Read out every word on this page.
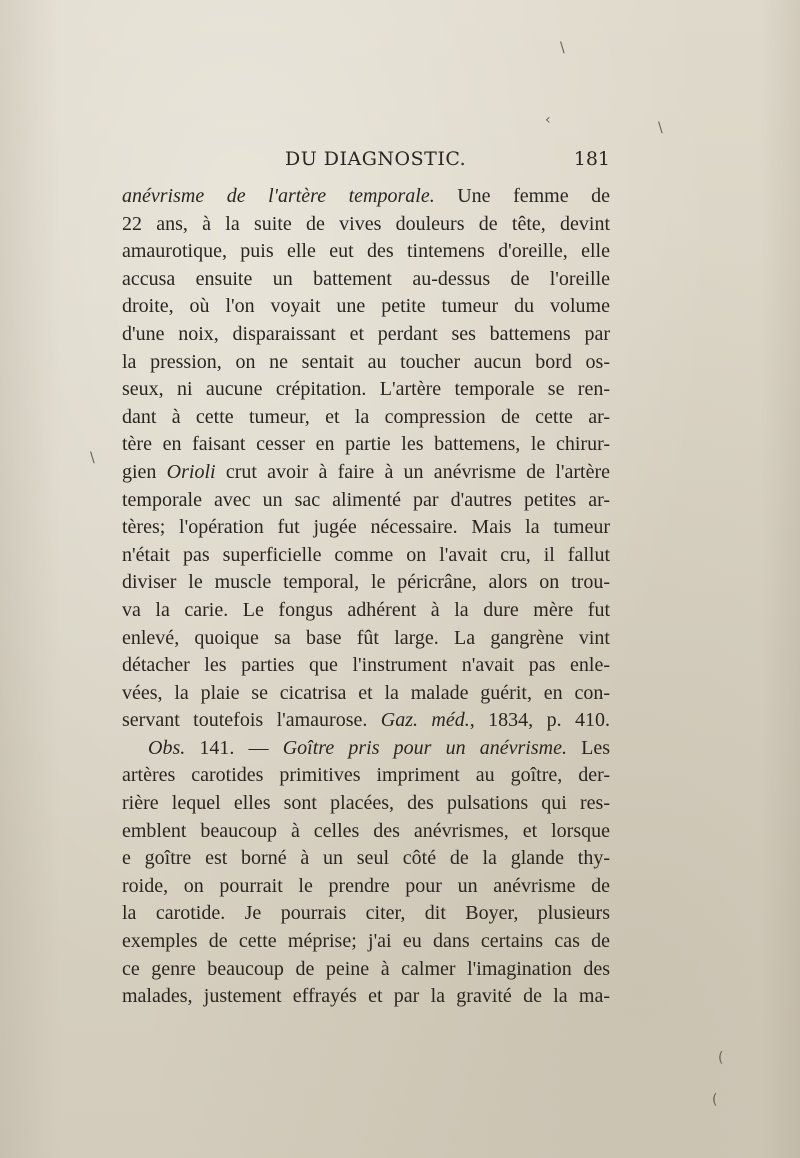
DU DIAGNOSTIC.	181
anévrisme de l'artère temporale. Une femme de
22 ans, à la suite de vives douleurs de tête, devint
amaurotique, puis elle eut des tintemens d'oreille, elle
accusa ensuite un battement au-dessus de l'oreille
droite, où l'on voyait une petite tumeur du volume
d'une noix, disparaissant et perdant ses battemens par
la pression, on ne sentait au toucher aucun bord os-
seux, ni aucune crépitation. L'artère temporale se ren-
dant à cette tumeur, et la compression de cette ar-
tère en faisant cesser en partie les battemens, le chirur-
gien Orioli crut avoir à faire à un anévrisme de l'artère
temporale avec un sac alimenté par d'autres petites ar-
tères; l'opération fut jugée nécessaire. Mais la tumeur
n'était pas superficielle comme on l'avait cru, il fallut
diviser le muscle temporal, le péricrâne, alors on trou-
va la carie. Le fongus adhérent à la dure mère fut
enlevé, quoique sa base fût large. La gangrène vint
détacher les parties que l'instrument n'avait pas enle-
vées, la plaie se cicatrisa et la malade guérit, en con-
servant toutefois l'amaurose. Gaz. méd., 1834, p. 410.
Obs. 141. — Goître pris pour un anévrisme. Les
artères carotides primitives impriment au goître, der-
rière lequel elles sont placées, des pulsations qui res-
emblent beaucoup à celles des anévrismes, et lorsque
e goître est borné à un seul côté de la glande thy-
roide, on pourrait le prendre pour un anévrisme de
la carotide. Je pourrais citer, dit Boyer, plusieurs
exemples de cette méprise; j'ai eu dans certains cas de
ce genre beaucoup de peine à calmer l'imagination des
malades, justement effrayés et par la gravité de la ma-
\
‹	\
\
(
(
